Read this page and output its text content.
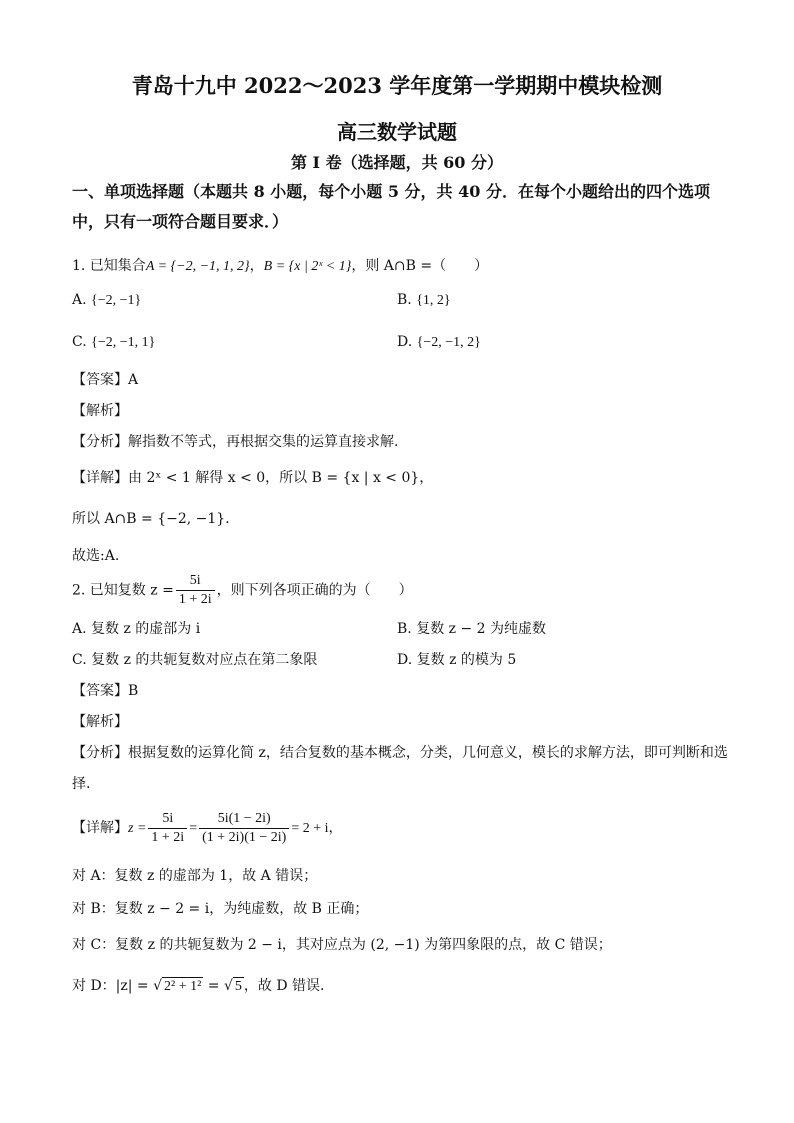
青岛十九中 2022～2023 学年度第一学期期中模块检测
高三数学试题
第 I 卷（选择题，共 60 分）
一、单项选择题（本题共 8 小题，每个小题 5 分，共 40 分．在每个小题给出的四个选项
中，只有一项符合题目要求．）
1. 已知集合A = {−2, −1, 1, 2}，B = {x | 2ˣ < 1}，则 A∩B =（　　）
A. {−2, −1}	B. {1, 2}
C. {−2, −1, 1}	D. {−2, −1, 2}
【答案】A
【解析】
【分析】解指数不等式，再根据交集的运算直接求解.
【详解】由 2ˣ < 1 解得 x < 0，所以 B = {x | x < 0}，
所以 A∩B = {−2, −1}．
故选:A.
2. 已知复数 $z = \frac{5i}{1 + 2i}$ ，则下列各项正确的为（　　）
A. 复数 z 的虚部为 i	B. 复数 z − 2 为纯虚数
C. 复数 z 的共轭复数对应点在第二象限	D. 复数 z 的模为 5
【答案】B
【解析】
【分析】根据复数的运算化简 z，结合复数的基本概念，分类，几何意义，模长的求解方法，即可判断和选
择.
【详解】$z = \frac{5i}{1 + 2i} = \frac{5i(1 - 2i)}{(1 + 2i)(1 - 2i)} = 2 + i$，
对 A：复数 z 的虚部为 1，故 A 错误；
对 B：复数 z − 2 = i，为纯虚数，故 B 正确；
对 C：复数 z 的共轭复数为 2 − i，其对应点为 (2, −1) 为第四象限的点，故 C 错误；
对 D：|z| = √ 2² + 1² = √ 5 ，故 D 错误.
